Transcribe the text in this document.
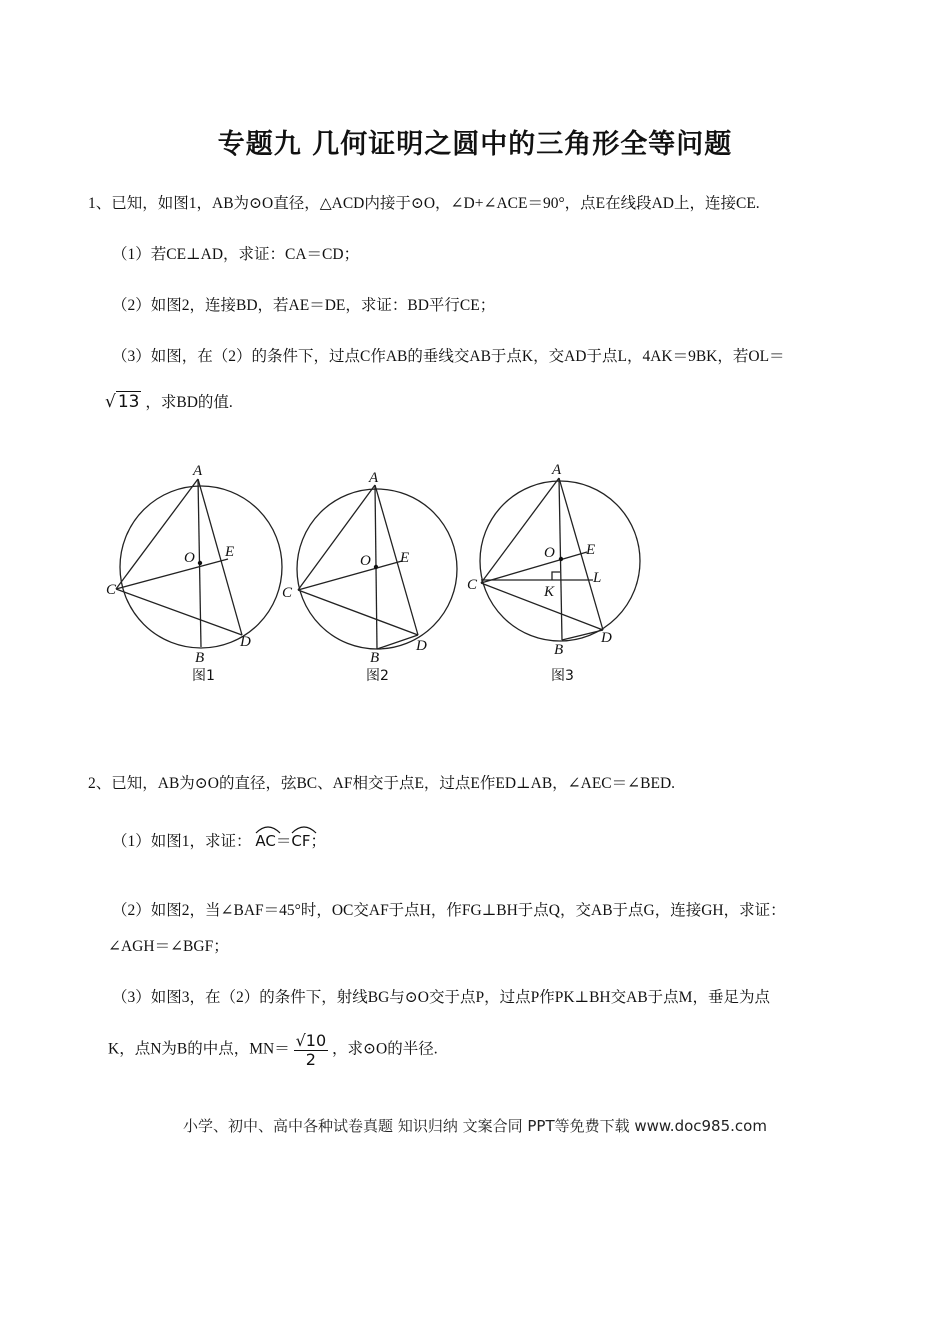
专题九 几何证明之圆中的三角形全等问题
1、已知，如图1，AB为⊙O直径，△ACD内接于⊙O，∠D+∠ACE＝90°，点E在线段AD上，连接CE.
（1）若CE⊥AD，求证：CA＝CD；
（2）如图2，连接BD，若AE＝DE，求证：BD平行CE；
（3）如图，在（2）的条件下，过点C作AB的垂线交AB于点K，交AD于点L，4AK＝9BK，若OL＝
√ 13 ，求BD的值.
A
O E
C
D
B
图1
A
O E
C
D
B
图2
A
O E
C	L
K
D
B
图3
2、已知，AB为⊙O的直径，弦BC、AF相交于点E，过点E作ED⊥AB，∠AEC＝∠BED.
（1）如图1，求证： AC＝
CF；
（2）如图2，当∠BAF＝45°时，OC交AF于点H，作FG⊥BH于点Q，交AB于点G，连接GH，求证：
∠AGH＝∠BGF；
（3）如图3，在（2）的条件下，射线BG与⊙O交于点P，过点P作PK⊥BH交AB于点M，垂足为点
K，点N为B的中点，$MN= \frac{√10}{2}$ ，求⊙O的半径.
小学、初中、高中各种试卷真题 知识归纳 文案合同 PPT等免费下载 www.doc985.com
